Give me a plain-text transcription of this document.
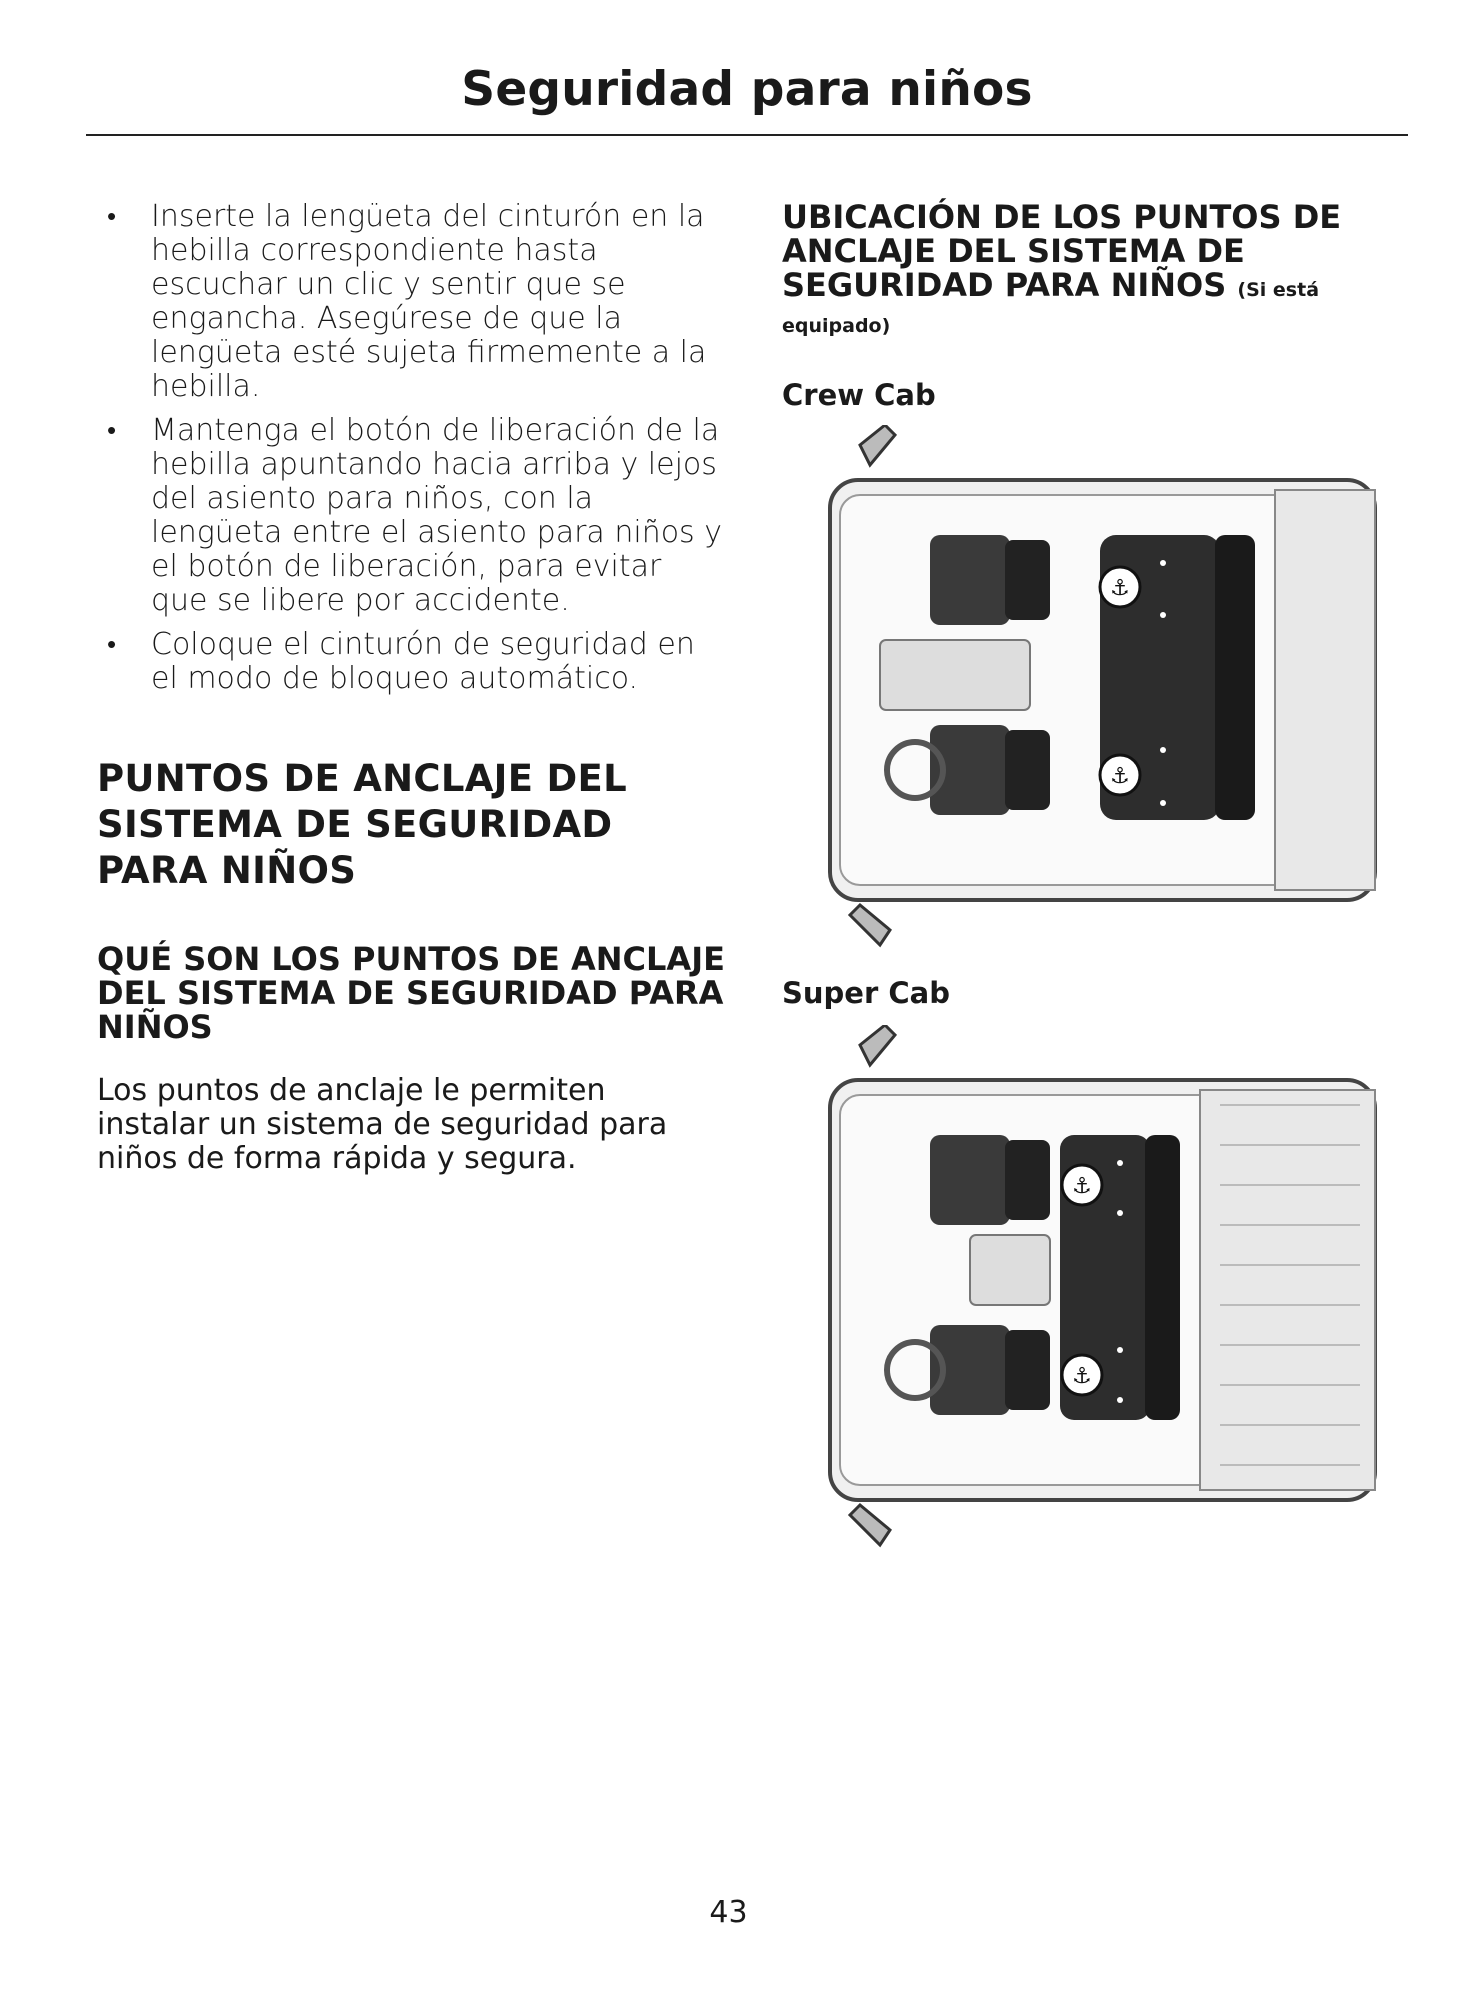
Seguridad para niños
• Inserte la lengüeta del cinturón en la hebilla correspondiente hasta escuchar un clic y sentir que se engancha. Asegúrese de que la lengüeta esté sujeta firmemente a la hebilla.
• Mantenga el botón de liberación de la hebilla apuntando hacia arriba y lejos del asiento para niños, con la lengüeta entre el asiento para niños y el botón de liberación, para evitar que se libere por accidente.
• Coloque el cinturón de seguridad en el modo de bloqueo automático.
PUNTOS DE ANCLAJE DEL SISTEMA DE SEGURIDAD PARA NIÑOS
QUÉ SON LOS PUNTOS DE ANCLAJE DEL SISTEMA DE SEGURIDAD PARA NIÑOS

Los puntos de anclaje le permiten instalar un sistema de seguridad para niños de forma rápida y segura.

UBICACIÓN DE LOS PUNTOS DE ANCLAJE DEL SISTEMA DE SEGURIDAD PARA NIÑOS (Si está
equipado)
Crew Cab
Super Cab
⚓
⚓
⚓
⚓
43
